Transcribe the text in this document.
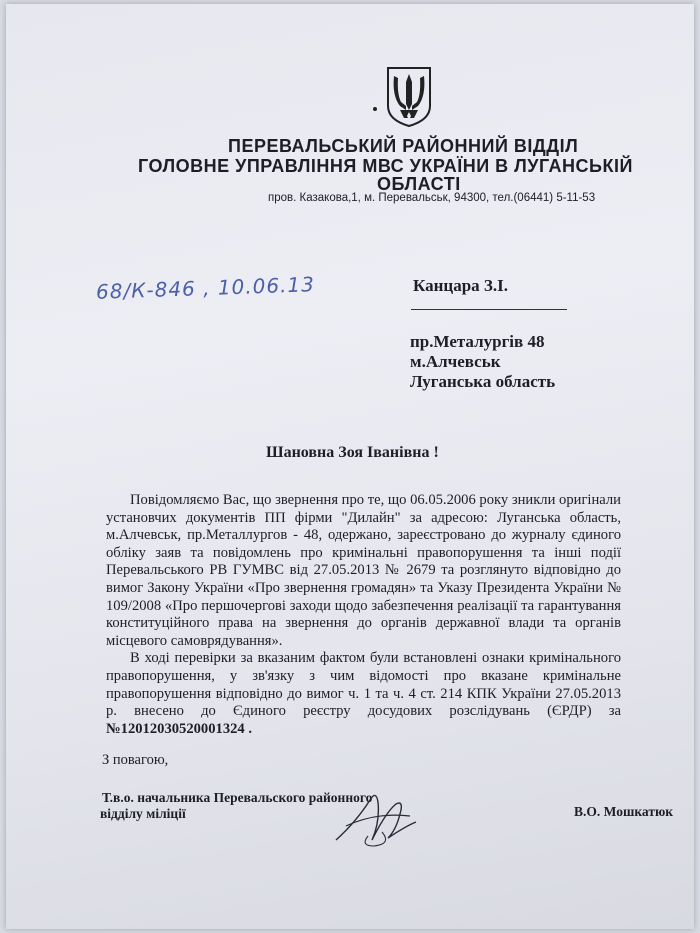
ПЕРЕВАЛЬСЬКИЙ РАЙОННИЙ ВІДДІЛ
ГОЛОВНЕ УПРАВЛІННЯ МВС УКРАЇНИ В ЛУГАНСЬКІЙ
ОБЛАСТІ
пров. Казакова,1, м. Перевальськ, 94300, тел.(06441) 5-11-53
68/К-846 , 10.06.13	Канцара З.І.
пр.Металургів 48
м.Алчевськ
Луганська область
Шановна Зоя Іванівна !

Повідомляємо Вас, що звернення про те, що 06.05.2006 року зникли оригінали установчих документів ПП фірми "Дилайн" за адресою: Луганська область, м.Алчевськ, пр.Металлургов - 48, одержано, зареєстровано до журналу єдиного обліку заяв та повідомлень про кримінальні правопорушення та інші події Перевальського РВ ГУМВС від 27.05.2013 № 2679 та розглянуто відповідно до вимог Закону України «Про звернення громадян» та Указу Президента України № 109/2008 «Про першочергові заходи щодо забезпечення реалізації та гарантування конституційного права на звернення до органів державної влади та органів місцевого самоврядування».

В ході перевірки за вказаним фактом були встановлені ознаки кримінального правопорушення, у зв'язку з чим відомості про вказане кримінальне правопорушення відповідно до вимог ч. 1 та ч. 4 ст. 214 КПК України 27.05.2013 р. внесено до Єдиного реєстру досудових розслідувань (ЄРДР) за №12012030520001324 .

З повагою,
Т.в.о. начальника Перевальского районного
відділу міліції	В.О. Мошкатюк
